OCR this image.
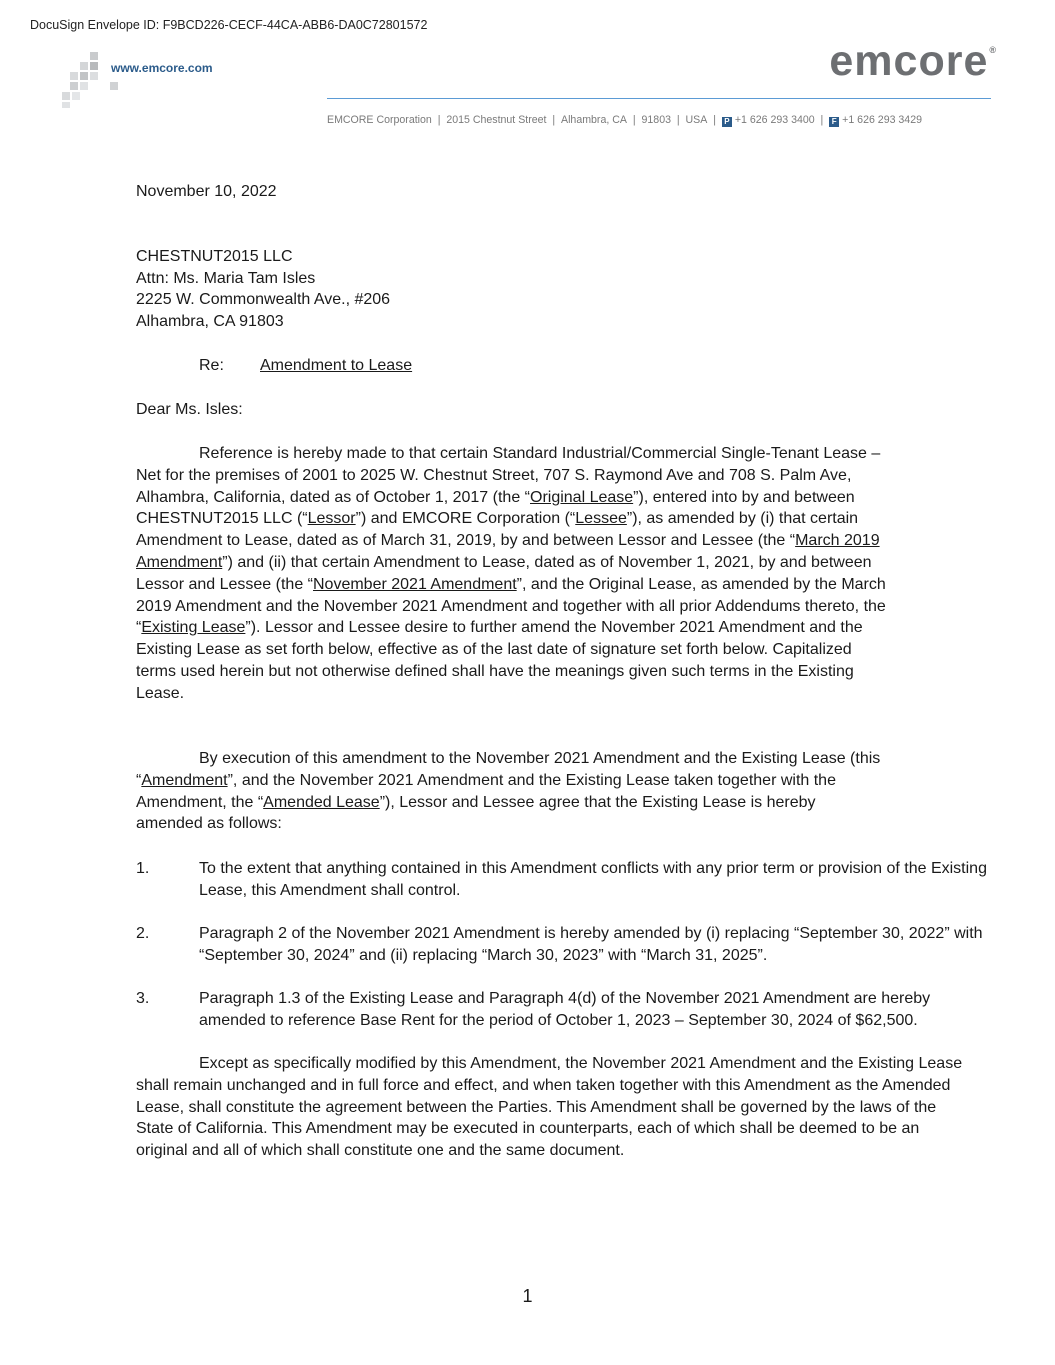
DocuSign Envelope ID: F9BCD226-CECF-44CA-ABB6-DA0C72801572
www.emcore.com	emcore®
EMCORE Corporation | 2015 Chestnut Street | Alhambra, CA | 91803 | USA | P +1 626 293 3400 | F +1 626 293 3429
November 10, 2022
CHESTNUT2015 LLC
Attn: Ms. Maria Tam Isles
2225 W. Commonwealth Ave., #206
Alhambra, CA 91803
Re: Amendment to Lease
Dear Ms. Isles:

Reference is hereby made to that certain Standard Industrial/Commercial Single-Tenant Lease –Net for the premises of 2001 to 2025 W. Chestnut Street, 707 S. Raymond Ave and 708 S. Palm Ave, Alhambra, California, dated as of October 1, 2017 (the “Original Lease”), entered into by and between CHESTNUT2015 LLC (“Lessor”) and EMCORE Corporation (“Lessee”), as amended by (i) that certain Amendment to Lease, dated as of March 31, 2019, by and between Lessor and Lessee (the “March 2019 Amendment”) and (ii) that certain Amendment to Lease, dated as of November 1, 2021, by and between Lessor and Lessee (the “November 2021 Amendment”, and the Original Lease, as amended by the March 2019 Amendment and the November 2021 Amendment and together with all prior Addendums thereto, the “Existing Lease”). Lessor and Lessee desire to further amend the November 2021 Amendment and the Existing Lease as set forth below, effective as of the last date of signature set forth below. Capitalized terms used herein but not otherwise defined shall have the meanings given such terms in the Existing Lease.

By execution of this amendment to the November 2021 Amendment and the Existing Lease (this “Amendment”, and the November 2021 Amendment and the Existing Lease taken together with the Amendment, the “Amended Lease”), Lessor and Lessee agree that the Existing Lease is hereby amended as follows:

1.	To the extent that anything contained in this Amendment conflicts with any prior term or provision of the Existing Lease, this Amendment shall control.
2.	Paragraph 2 of the November 2021 Amendment is hereby amended by (i) replacing “September 30, 2022” with “September 30, 2024” and (ii) replacing “March 30, 2023” with “March 31, 2025”.
3.	Paragraph 1.3 of the Existing Lease and Paragraph 4(d) of the November 2021 Amendment are hereby amended to reference Base Rent for the period of October 1, 2023 – September 30, 2024 of $62,500.

Except as specifically modified by this Amendment, the November 2021 Amendment and the Existing Lease shall remain unchanged and in full force and effect, and when taken together with this Amendment as the Amended Lease, shall constitute the agreement between the Parties. This Amendment shall be governed by the laws of the State of California. This Amendment may be executed in counterparts, each of which shall be deemed to be an original and all of which shall constitute one and the same document.

1
